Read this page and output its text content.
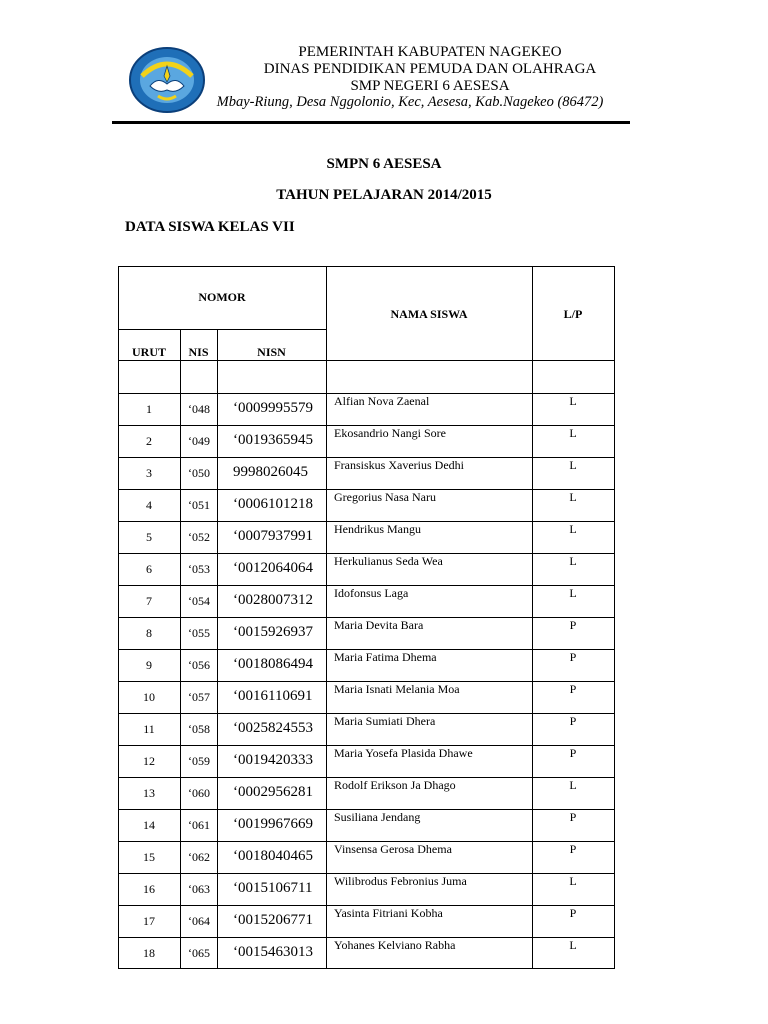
PEMERINTAH KABUPATEN NAGEKEO
DINAS PENDIDIKAN PEMUDA DAN OLAHRAGA
SMP NEGERI 6 AESESA
Mbay-Riung, Desa Nggolonio, Kec, Aesesa, Kab.Nagekeo (86472)
SMPN 6 AESESA
TAHUN PELAJARAN 2014/2015
DATA SISWA KELAS VII
NOMOR
URUT	NIS	NISN
NAMA SISWA	L/P
1	‘048	‘0009995579 Alfian Nova Zaenal	L
2	‘049	‘0019365945 Ekosandrio Nangi Sore	L
3	‘050	9998026045 Fransiskus Xaverius Dedhi	L
4	‘051	‘0006101218 Gregorius Nasa Naru	L
5	‘052	‘0007937991 Hendrikus Mangu	L
6	‘053	‘0012064064 Herkulianus Seda Wea	L
7	‘054	‘0028007312 Idofonsus Laga	L
8	‘055	‘0015926937 Maria Devita Bara	P
9	‘056	‘0018086494 Maria Fatima Dhema	P
10	‘057	‘0016110691 Maria Isnati Melania Moa	P
11	‘058	‘0025824553 Maria Sumiati Dhera	P
12	‘059	‘0019420333 Maria Yosefa Plasida Dhawe	P
13	‘060	‘0002956281 Rodolf Erikson Ja Dhago	L
14	‘061	‘0019967669 Susiliana Jendang	P
15	‘062	‘0018040465 Vinsensa Gerosa Dhema	P
16	‘063	‘0015106711 Wilibrodus Febronius Juma	L
17	‘064	‘0015206771 Yasinta Fitriani Kobha	P
18	‘065	‘0015463013 Yohanes Kelviano Rabha	L
